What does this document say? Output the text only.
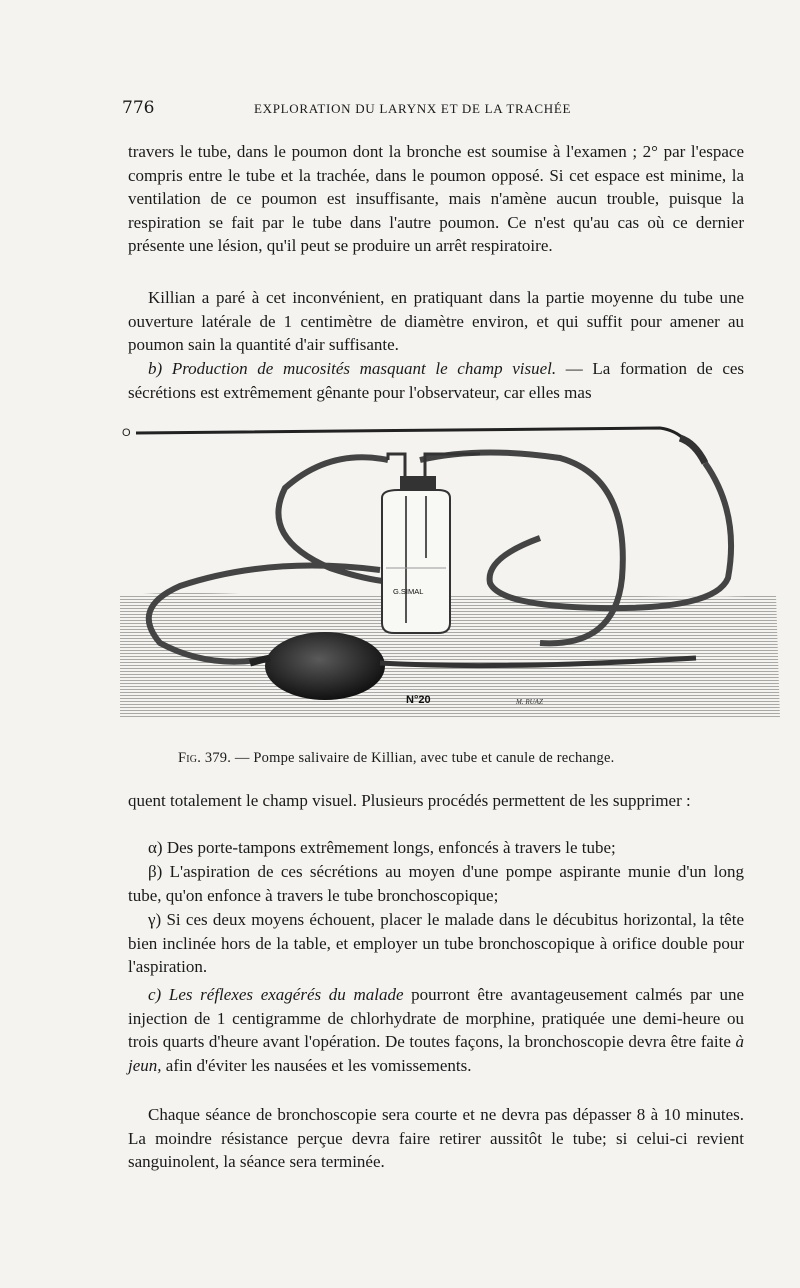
776	EXPLORATION DU LARYNX ET DE LA TRACHÉE

travers le tube, dans le poumon dont la bronche est soumise à l'examen ; 2° par l'espace compris entre le tube et la trachée, dans le poumon opposé. Si cet espace est minime, la ventilation de ce poumon est insuffisante, mais n'amène aucun trouble, puisque la respiration se fait par le tube dans l'autre poumon. Ce n'est qu'au cas où ce dernier présente une lésion, qu'il peut se produire un arrêt respiratoire.

Killian a paré à cet inconvénient, en pratiquant dans la partie moyenne du tube une ouverture latérale de 1 centimètre de diamètre environ, et qui suffit pour amener au poumon sain la quantité d'air suffisante.

b) Production de mucosités masquant le champ visuel. — La formation de ces sécrétions est extrêmement gênante pour l'observateur, car elles mas

O
G.SIMAL
N°20	M. RUAZ
Fig. 379. — Pompe salivaire de Killian, avec tube et canule de rechange.

quent totalement le champ visuel. Plusieurs procédés permettent de les supprimer :

α) Des porte-tampons extrêmement longs, enfoncés à travers le tube;

β) L'aspiration de ces sécrétions au moyen d'une pompe aspirante munie d'un long tube, qu'on enfonce à travers le tube bronchoscopique;

γ) Si ces deux moyens échouent, placer le malade dans le décubitus horizontal, la tête bien inclinée hors de la table, et employer un tube bronchoscopique à orifice double pour l'aspiration.

c) Les réflexes exagérés du malade pourront être avantageusement calmés par une injection de 1 centigramme de chlorhydrate de morphine, pratiquée une demi-heure ou trois quarts d'heure avant l'opération. De toutes façons, la bronchoscopie devra être faite à jeun, afin d'éviter les nausées et les vomissements.

Chaque séance de bronchoscopie sera courte et ne devra pas dépasser 8 à 10 minutes. La moindre résistance perçue devra faire retirer aussitôt le tube; si celui-ci revient sanguinolent, la séance sera terminée.
